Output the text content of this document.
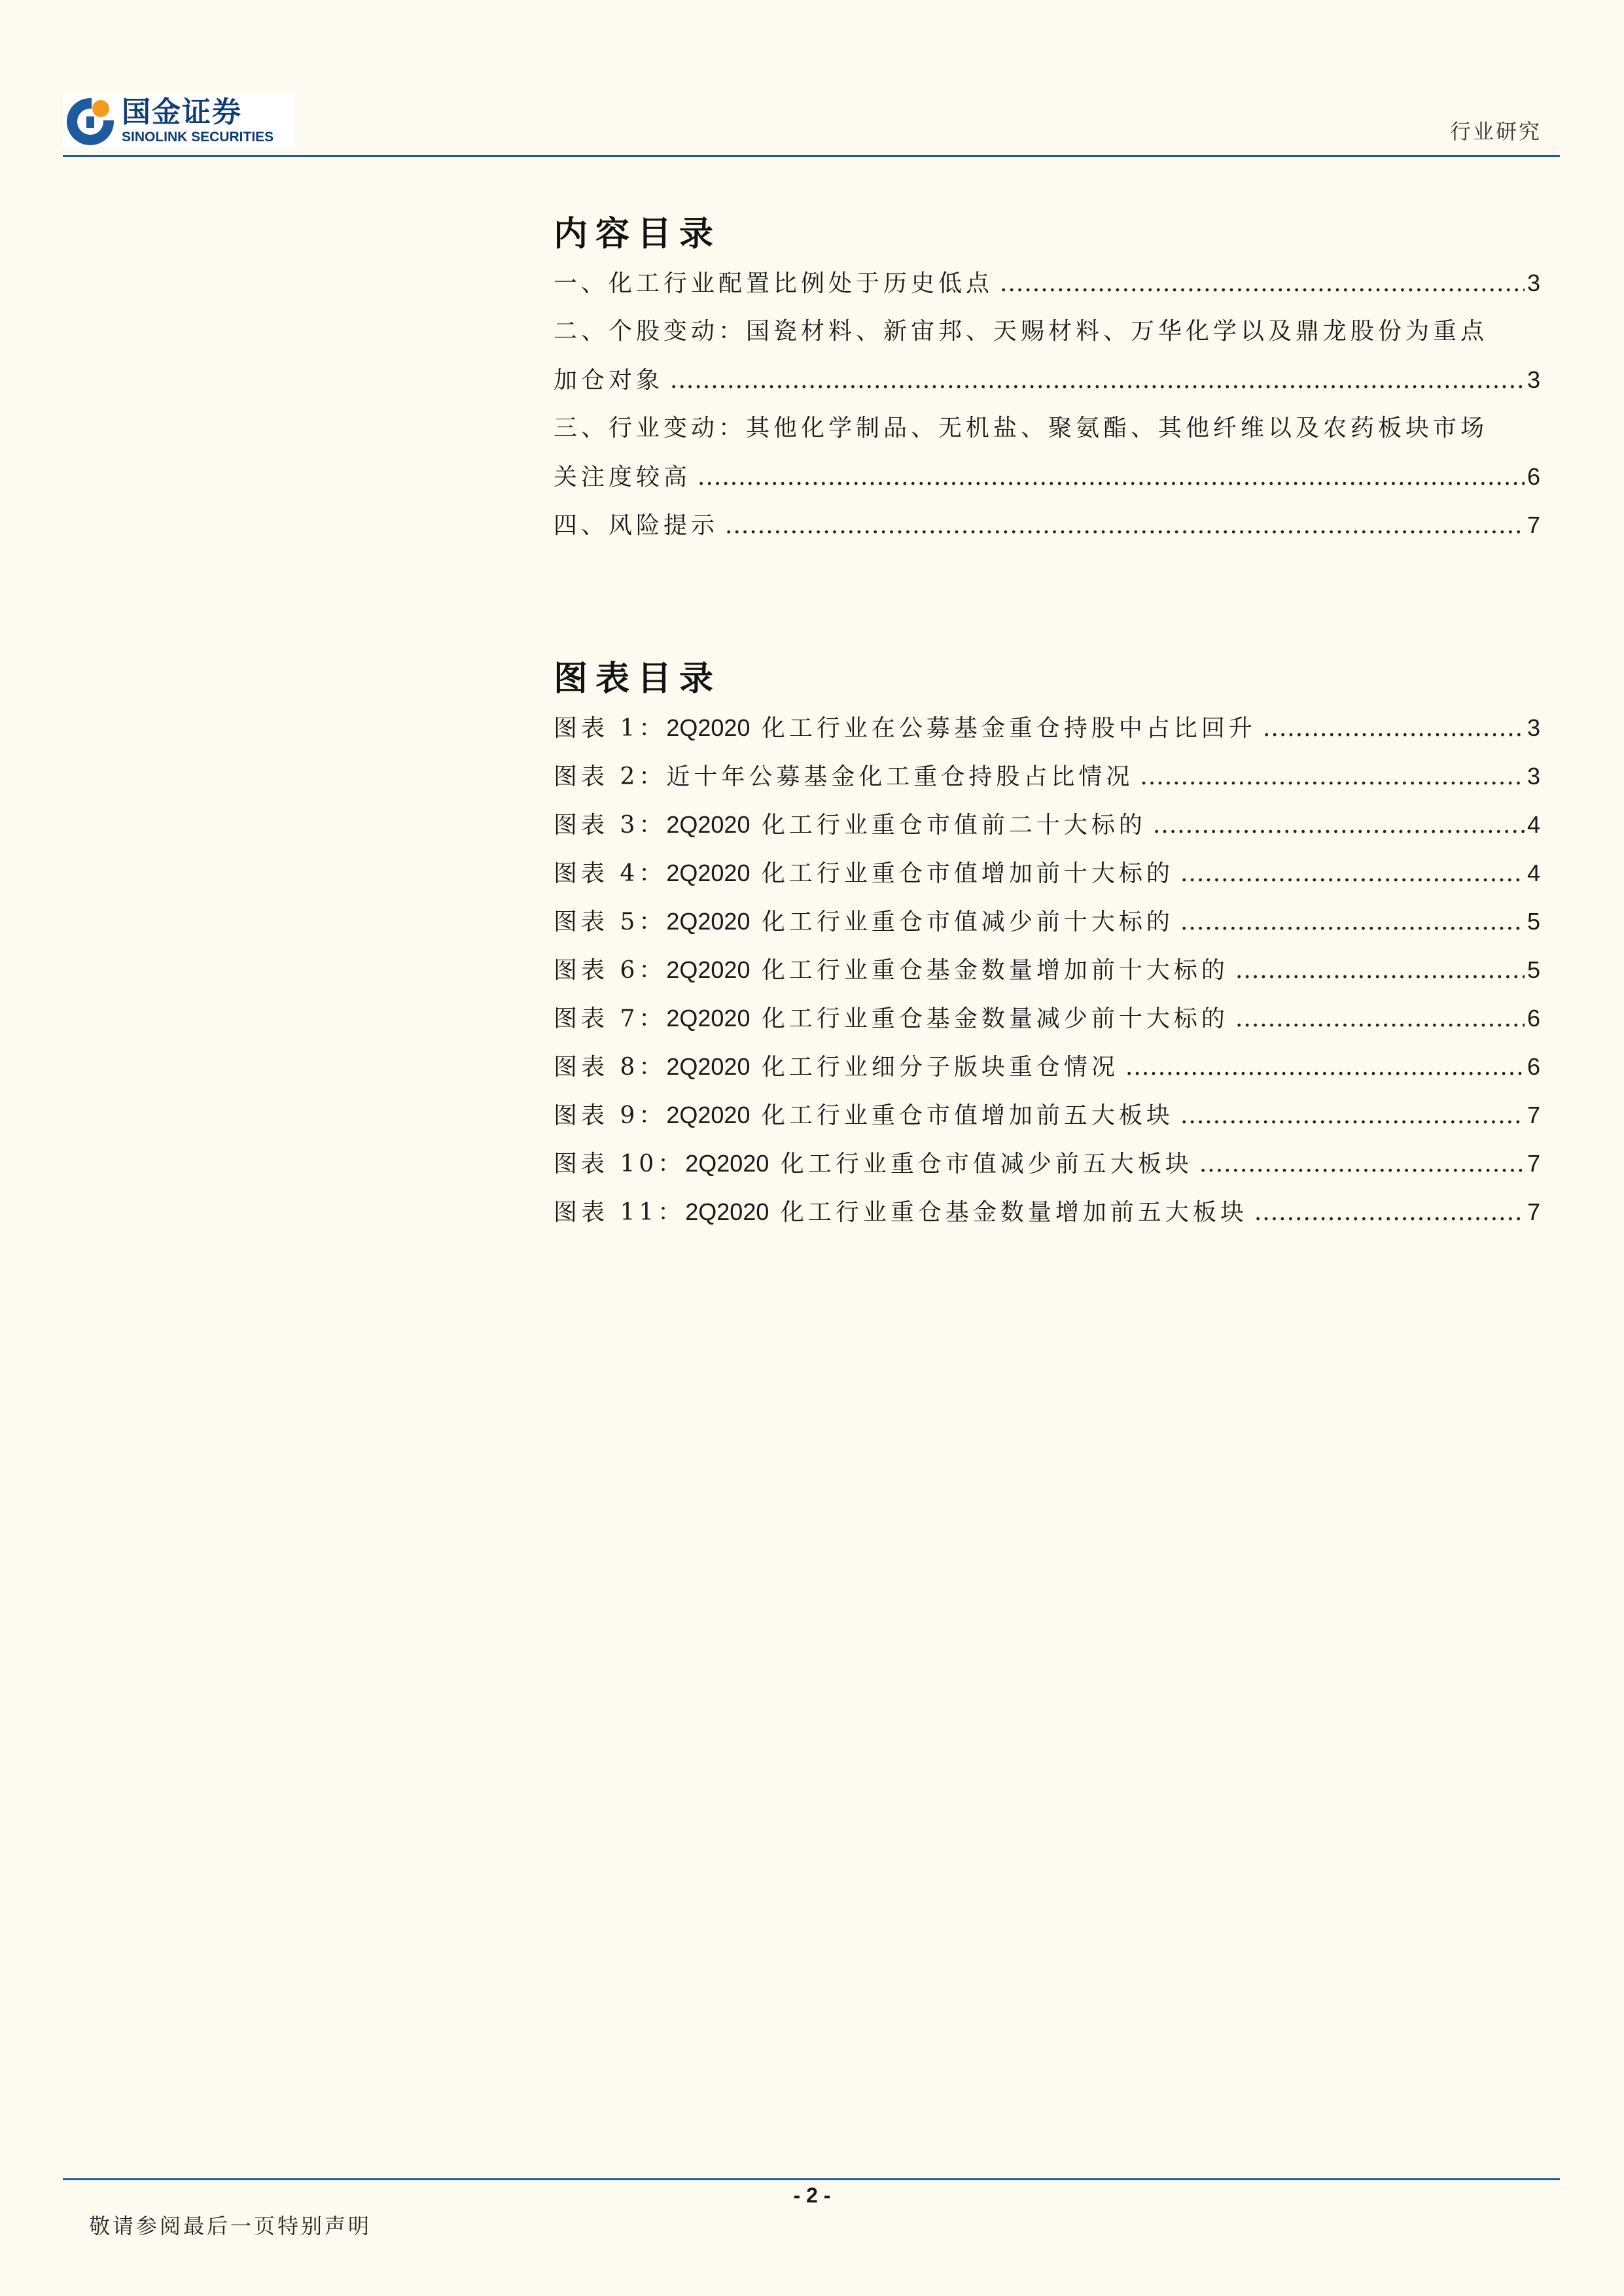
国金证券
SINOLINK SECURITIES	行业研究
内容目录
一、化工行业配置比例处于历史低点 .....	3
二、个股变动：国瓷材料、新宙邦、天赐材料、万华化学以及鼎龙股份为重点
加仓对象 .....	3
三、行业变动：其他化学制品、无机盐、聚氨酯、其他纤维以及农药板块市场
关注度较高 .....	6
四、风险提示 .....	7
图表目录
图表 1：2Q2020 化工行业在公募基金重仓持股中占比回升 .....	3
图表 2：近十年公募基金化工重仓持股占比情况 .....	3
图表 3：2Q2020 化工行业重仓市值前二十大标的 .....	4
图表 4：2Q2020 化工行业重仓市值增加前十大标的 .....	4
图表 5：2Q2020 化工行业重仓市值减少前十大标的 .....	5
图表 6：2Q2020 化工行业重仓基金数量增加前十大标的 .....	5
图表 7：2Q2020 化工行业重仓基金数量减少前十大标的 .....	6
图表 8：2Q2020 化工行业细分子版块重仓情况 .....	6
图表 9：2Q2020 化工行业重仓市值增加前五大板块 .....	7
图表 10：2Q2020 化工行业重仓市值减少前五大板块 .....	7
图表 11：2Q2020 化工行业重仓基金数量增加前五大板块 .....	7
- 2 -
敬请参阅最后一页特别声明
